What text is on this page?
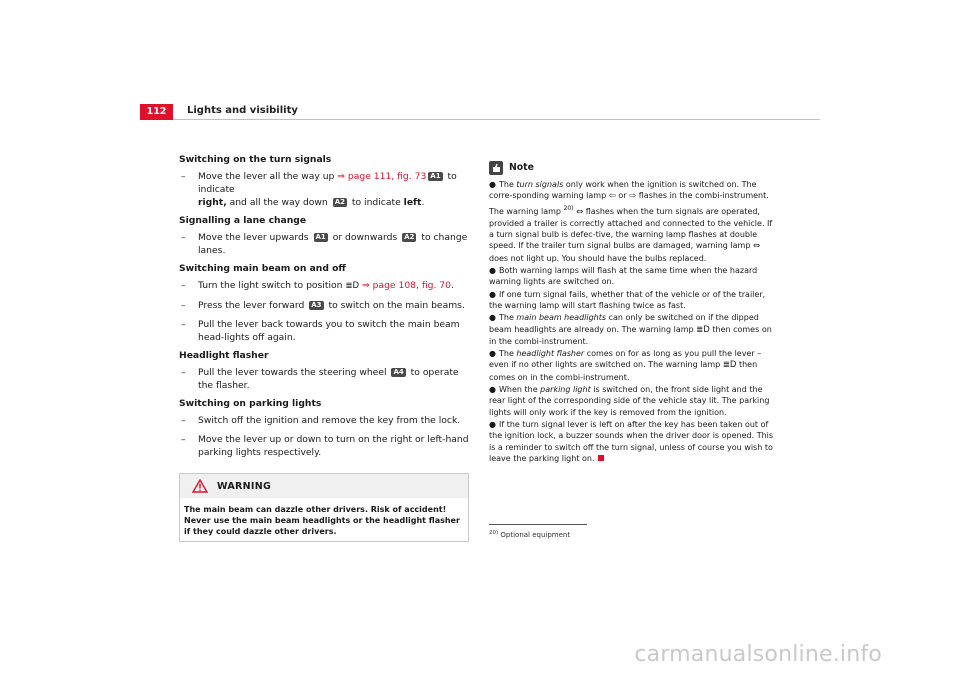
112	Lights and visibility
Switching on the turn signals
– Move the lever all the way up ⇒ page 111, fig. 73 A1 to indicate
right, and all the way down A2 to indicate left.
Signalling a lane change
– Move the lever upwards A1 or downwards A2 to change lanes.
Switching main beam on and off
– Turn the light switch to position ≣D ⇒ page 108, fig. 70.
– Press the lever forward A3 to switch on the main beams.
– Pull the lever back towards you to switch the main beam head-lights off again.
Headlight flasher
– Pull the lever towards the steering wheel A4 to operate the flasher.
Switching on parking lights
– Switch off the ignition and remove the key from the lock.
– Move the lever up or down to turn on the right or left-hand parking lights respectively.
WARNING
The main beam can dazzle other drivers. Risk of accident! Never use the main beam headlights or the headlight flasher if they could dazzle other drivers.
Note
● The turn signals only work when the ignition is switched on. The corre-sponding warning lamp ⇦ or ⇨ flashes in the combi-instrument. The warning lamp $^{20)}$ ⇔ flashes when the turn signals are operated, provided a trailer is correctly attached and connected to the vehicle. If a turn signal bulb is defec-tive, the warning lamp flashes at double speed. If the trailer turn signal bulbs are damaged, warning lamp ⇔ does not light up. You should have the bulbs replaced.
● Both warning lamps will flash at the same time when the hazard warning lights are switched on.
● If one turn signal fails, whether that of the vehicle or of the trailer, the warning lamp will start flashing twice as fast.
● The main beam headlights can only be switched on if the dipped beam headlights are already on. The warning lamp ≣D then comes on in the combi-instrument.
● The headlight flasher comes on for as long as you pull the lever – even if no other lights are switched on. The warning lamp ≣D then comes on in the combi-instrument.
● When the parking light is switched on, the front side light and the rear light of the corresponding side of the vehicle stay lit. The parking lights will only work if the key is removed from the ignition.
● If the turn signal lever is left on after the key has been taken out of the ignition lock, a buzzer sounds when the driver door is opened. This is a reminder to switch off the turn signal, unless of course you wish to leave the parking light on.
$^{20)}$ Optional equipment
carmanualsonline.info
